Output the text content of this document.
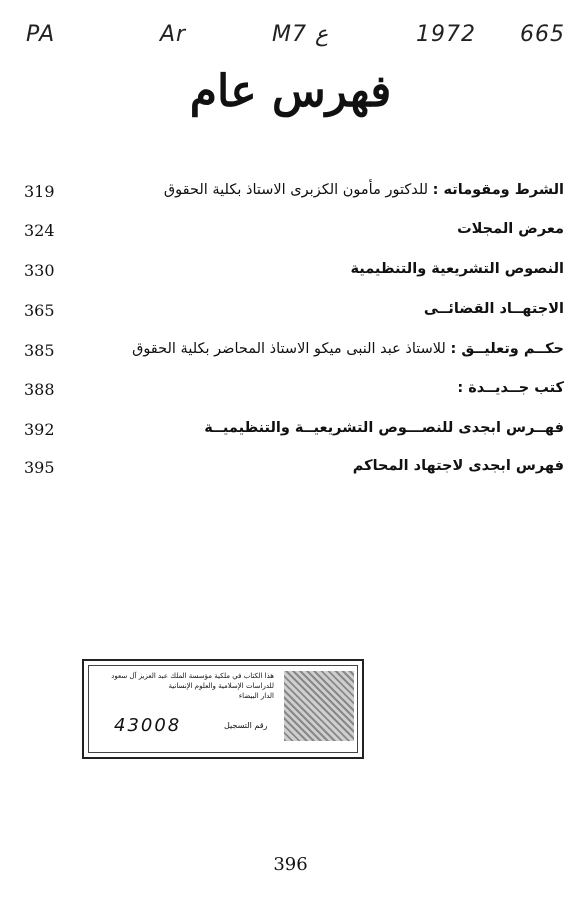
PA	Ar	M7 ع	1972 665
فهرس عام
319	الشرط ومقوماته : للدكتور مأمون الكزبرى الاستاذ بكلية الحقوق
324	معرض المجلات
330	النصوص التشريعية والتنظيمية
365	الاجتهــاد القضائــى
385	حكــم وتعليــق : للاستاذ عبد النبى ميكو الاستاذ المحاضر بكلية الحقوق
388	كتب جــديــدة :
392	فهــرس ابجدى للنصـــوص التشريعيــة والتنظيميــة
395	فهرس ابجدى لاجتهاد المحاكم
هذا الكتاب في ملكية مؤسسة الملك عبد العزيز آل سعود
للدراسات الإسلامية والعلوم الإنسانية
الدار البيضاء
43008	رقم التسجيل
396
